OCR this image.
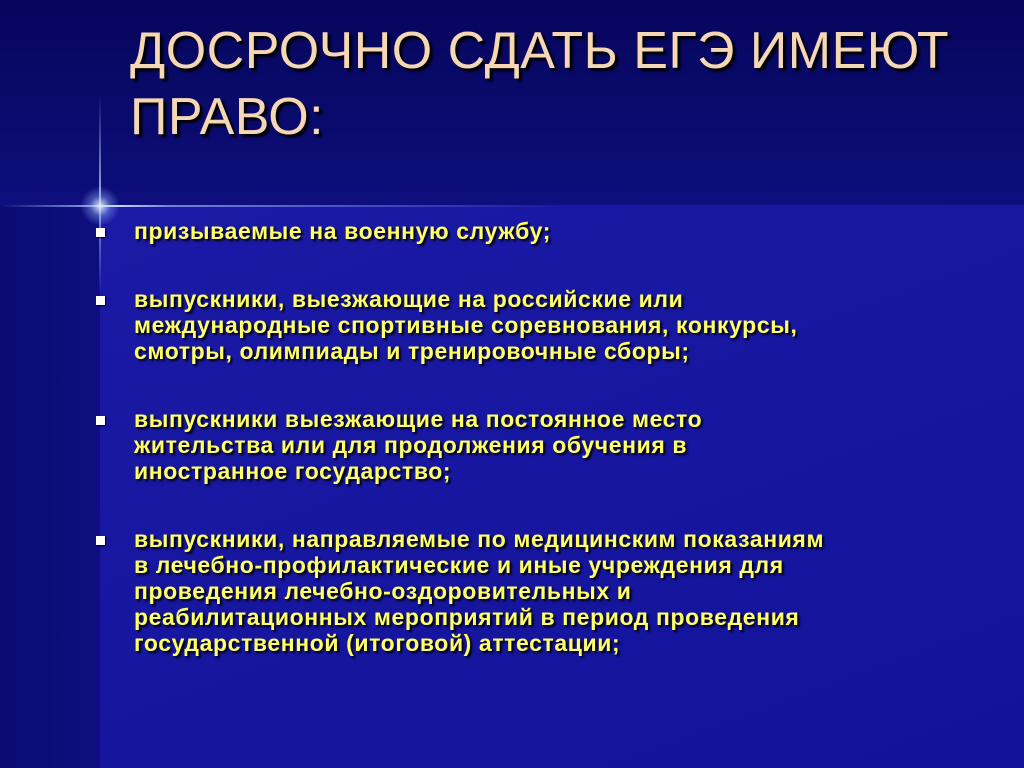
ДОСРОЧНО СДАТЬ ЕГЭ ИМЕЮТ ПРАВО:
призываемые на военную службу;
выпускники, выезжающие на российские или
международные спортивные соревнования, конкурсы,
смотры, олимпиады и тренировочные сборы;
выпускники выезжающие на постоянное место
жительства или для продолжения обучения в
иностранное государство;
выпускники, направляемые по медицинским показаниям
в лечебно-профилактические и иные учреждения для
проведения лечебно-оздоровительных и
реабилитационных мероприятий в период проведения
государственной (итоговой) аттестации;
